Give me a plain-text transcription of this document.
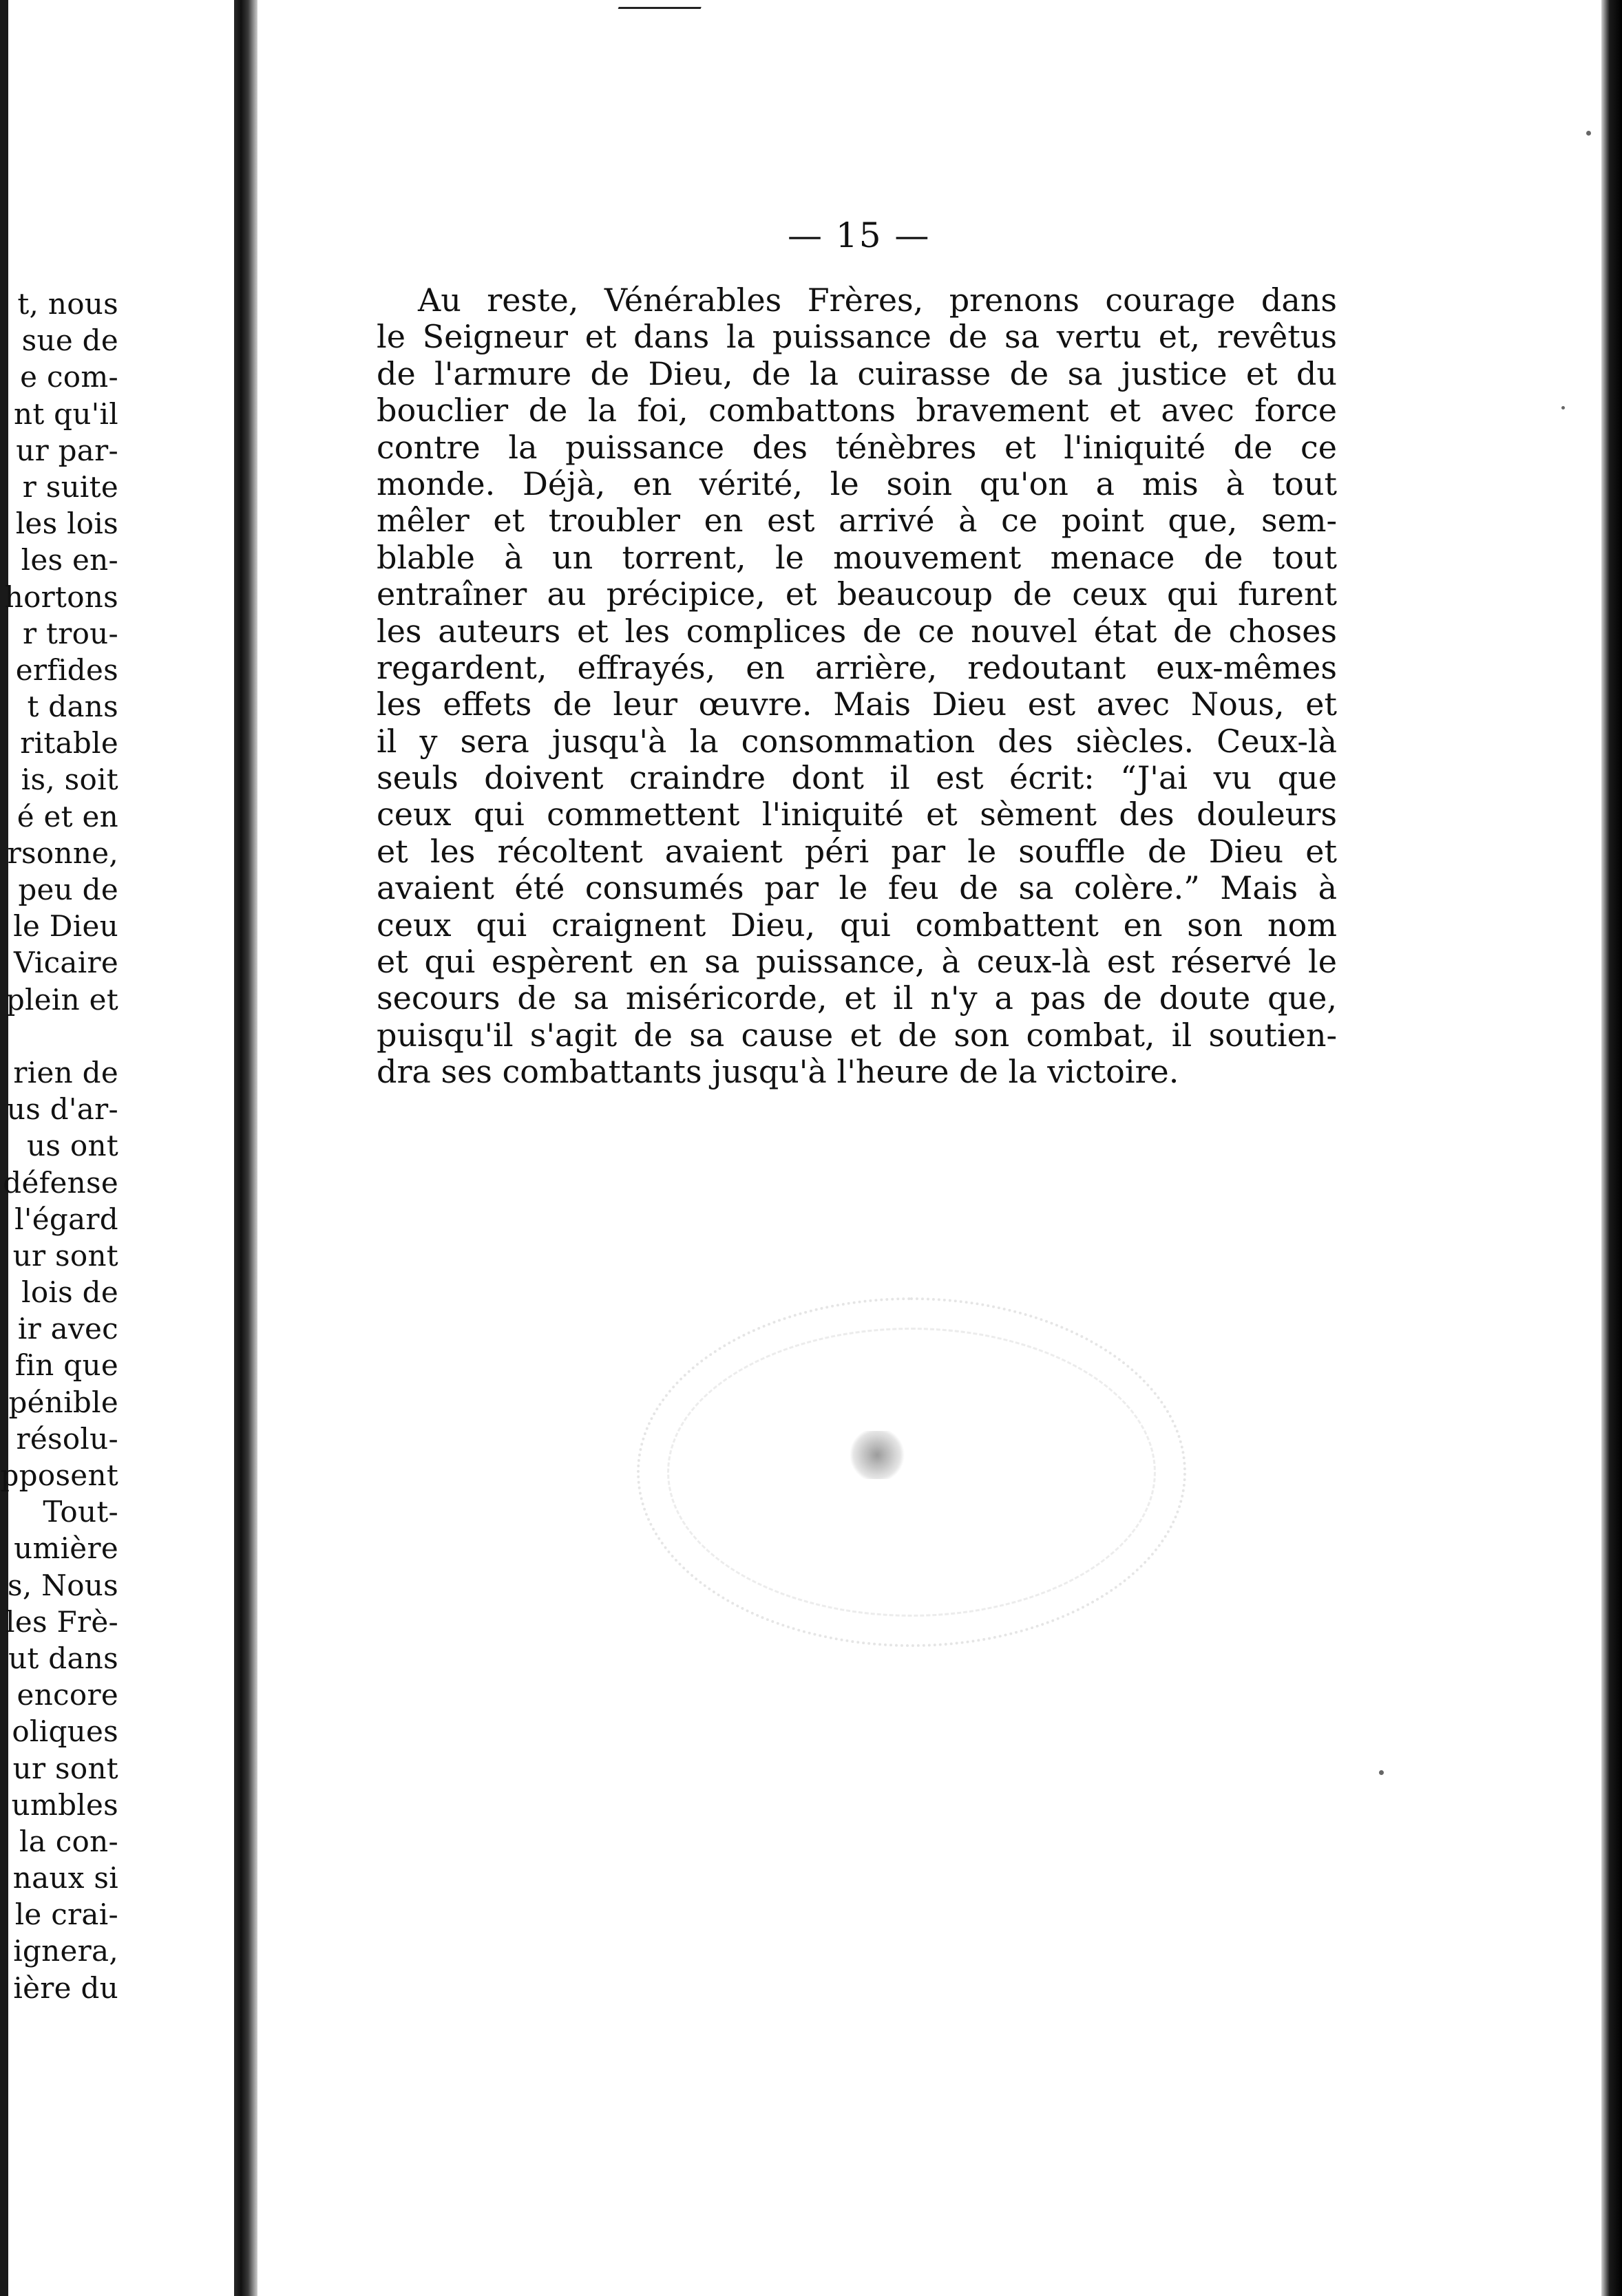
t, nous
sue de
e com-
nt qu'il
ur par-
r suite
les lois
les en-
hortons
r trou-
erfides
t dans
ritable
is, soit
é et en
rsonne,
peu de
le Dieu
Vicaire
plein et
rien de
us d'ar-
us ont
défense
l'égard
ur sont
lois de
ir avec
fin que
pénible
résolu-
pposent
Tout-
umière
s, Nous
les Frè-
ut dans
encore
oliques
ur sont
umbles
la con-
naux si
le crai-
ignera,
ière du
— 15 —
Au reste, Vénérables Frères, prenons courage dans
le Seigneur et dans la puissance de sa vertu et, revêtus
de l'armure de Dieu, de la cuirasse de sa justice et du
bouclier de la foi, combattons bravement et avec force
contre la puissance des ténèbres et l'iniquité de ce
monde. Déjà, en vérité, le soin qu'on a mis à tout
mêler et troubler en est arrivé à ce point que, sem-
blable à un torrent, le mouvement menace de tout
entraîner au précipice, et beaucoup de ceux qui furent
les auteurs et les complices de ce nouvel état de choses
regardent, effrayés, en arrière, redoutant eux-mêmes
les effets de leur œuvre. Mais Dieu est avec Nous, et
il y sera jusqu'à la consommation des siècles. Ceux-là
seuls doivent craindre dont il est écrit: “J'ai vu que
ceux qui commettent l'iniquité et sèment des douleurs
et les récoltent avaient péri par le souffle de Dieu et
avaient été consumés par le feu de sa colère.” Mais à
ceux qui craignent Dieu, qui combattent en son nom
et qui espèrent en sa puissance, à ceux-là est réservé le
secours de sa miséricorde, et il n'y a pas de doute que,
puisqu'il s'agit de sa cause et de son combat, il soutien-
dra ses combattants jusqu'à l'heure de la victoire.
